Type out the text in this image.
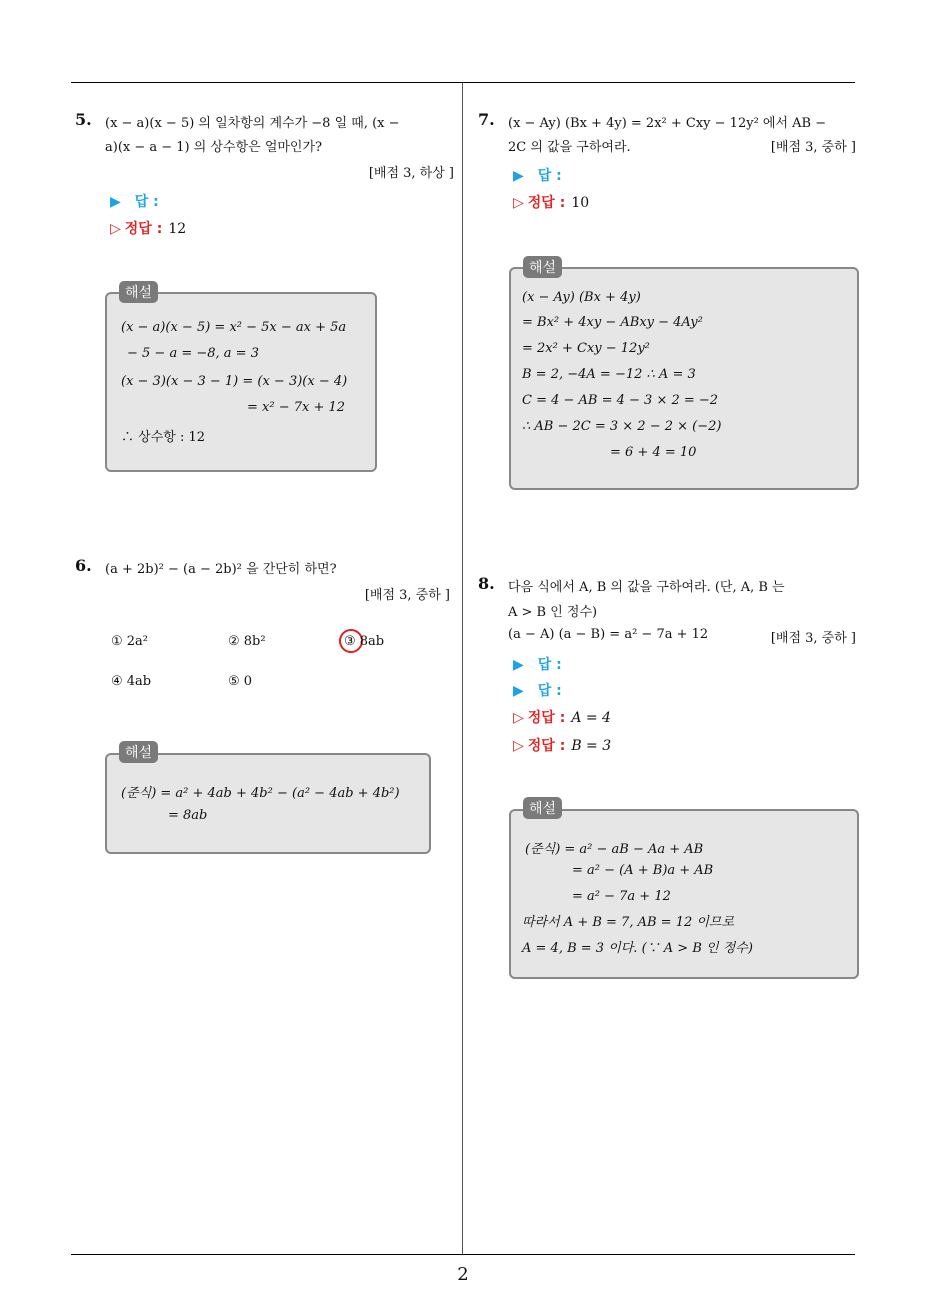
5. (x − a)(x − 5) 의 일차항의 계수가 −8 일 때, (x −
a)(x − a − 1) 의 상수항은 얼마인가?
[배점 3, 하상 ]
▶ 답 :
▷ 정답 : 12
해설
(x − a)(x − 5) = x² − 5x − ax + 5a
− 5 − a = −8, a = 3
(x − 3)(x − 3 − 1) = (x − 3)(x − 4)
= x² − 7x + 12
∴ 상수항 : 12
6. (a + 2b)² − (a − 2b)² 을 간단히 하면?
[배점 3, 중하 ]
① 2a²	② 8b²	③ 8ab
④ 4ab	⑤ 0
해설
(준식) = a² + 4ab + 4b² − (a² − 4ab + 4b²)
= 8ab
7. (x − Ay) (Bx + 4y) = 2x² + Cxy − 12y² 에서 AB −
2C 의 값을 구하여라.	[배점 3, 중하 ]
▶ 답 :
▷ 정답 : 10
해설
(x − Ay) (Bx + 4y)
= Bx² + 4xy − ABxy − 4Ay²
= 2x² + Cxy − 12y²
B = 2, −4A = −12 ∴ A = 3
C = 4 − AB = 4 − 3 × 2 = −2
∴ AB − 2C = 3 × 2 − 2 × (−2)
= 6 + 4 = 10
8. 다음 식에서 A, B 의 값을 구하여라. (단, A, B 는
A > B 인 정수)
(a − A) (a − B) = a² − 7a + 12	[배점 3, 중하 ]
▶ 답 :
▶ 답 :
▷ 정답 : A = 4
▷ 정답 : B = 3
해설
(준식) = a² − aB − Aa + AB
= a² − (A + B)a + AB
= a² − 7a + 12
따라서 A + B = 7, AB = 12 이므로
A = 4, B = 3 이다. (∵ A > B 인 정수)
2
